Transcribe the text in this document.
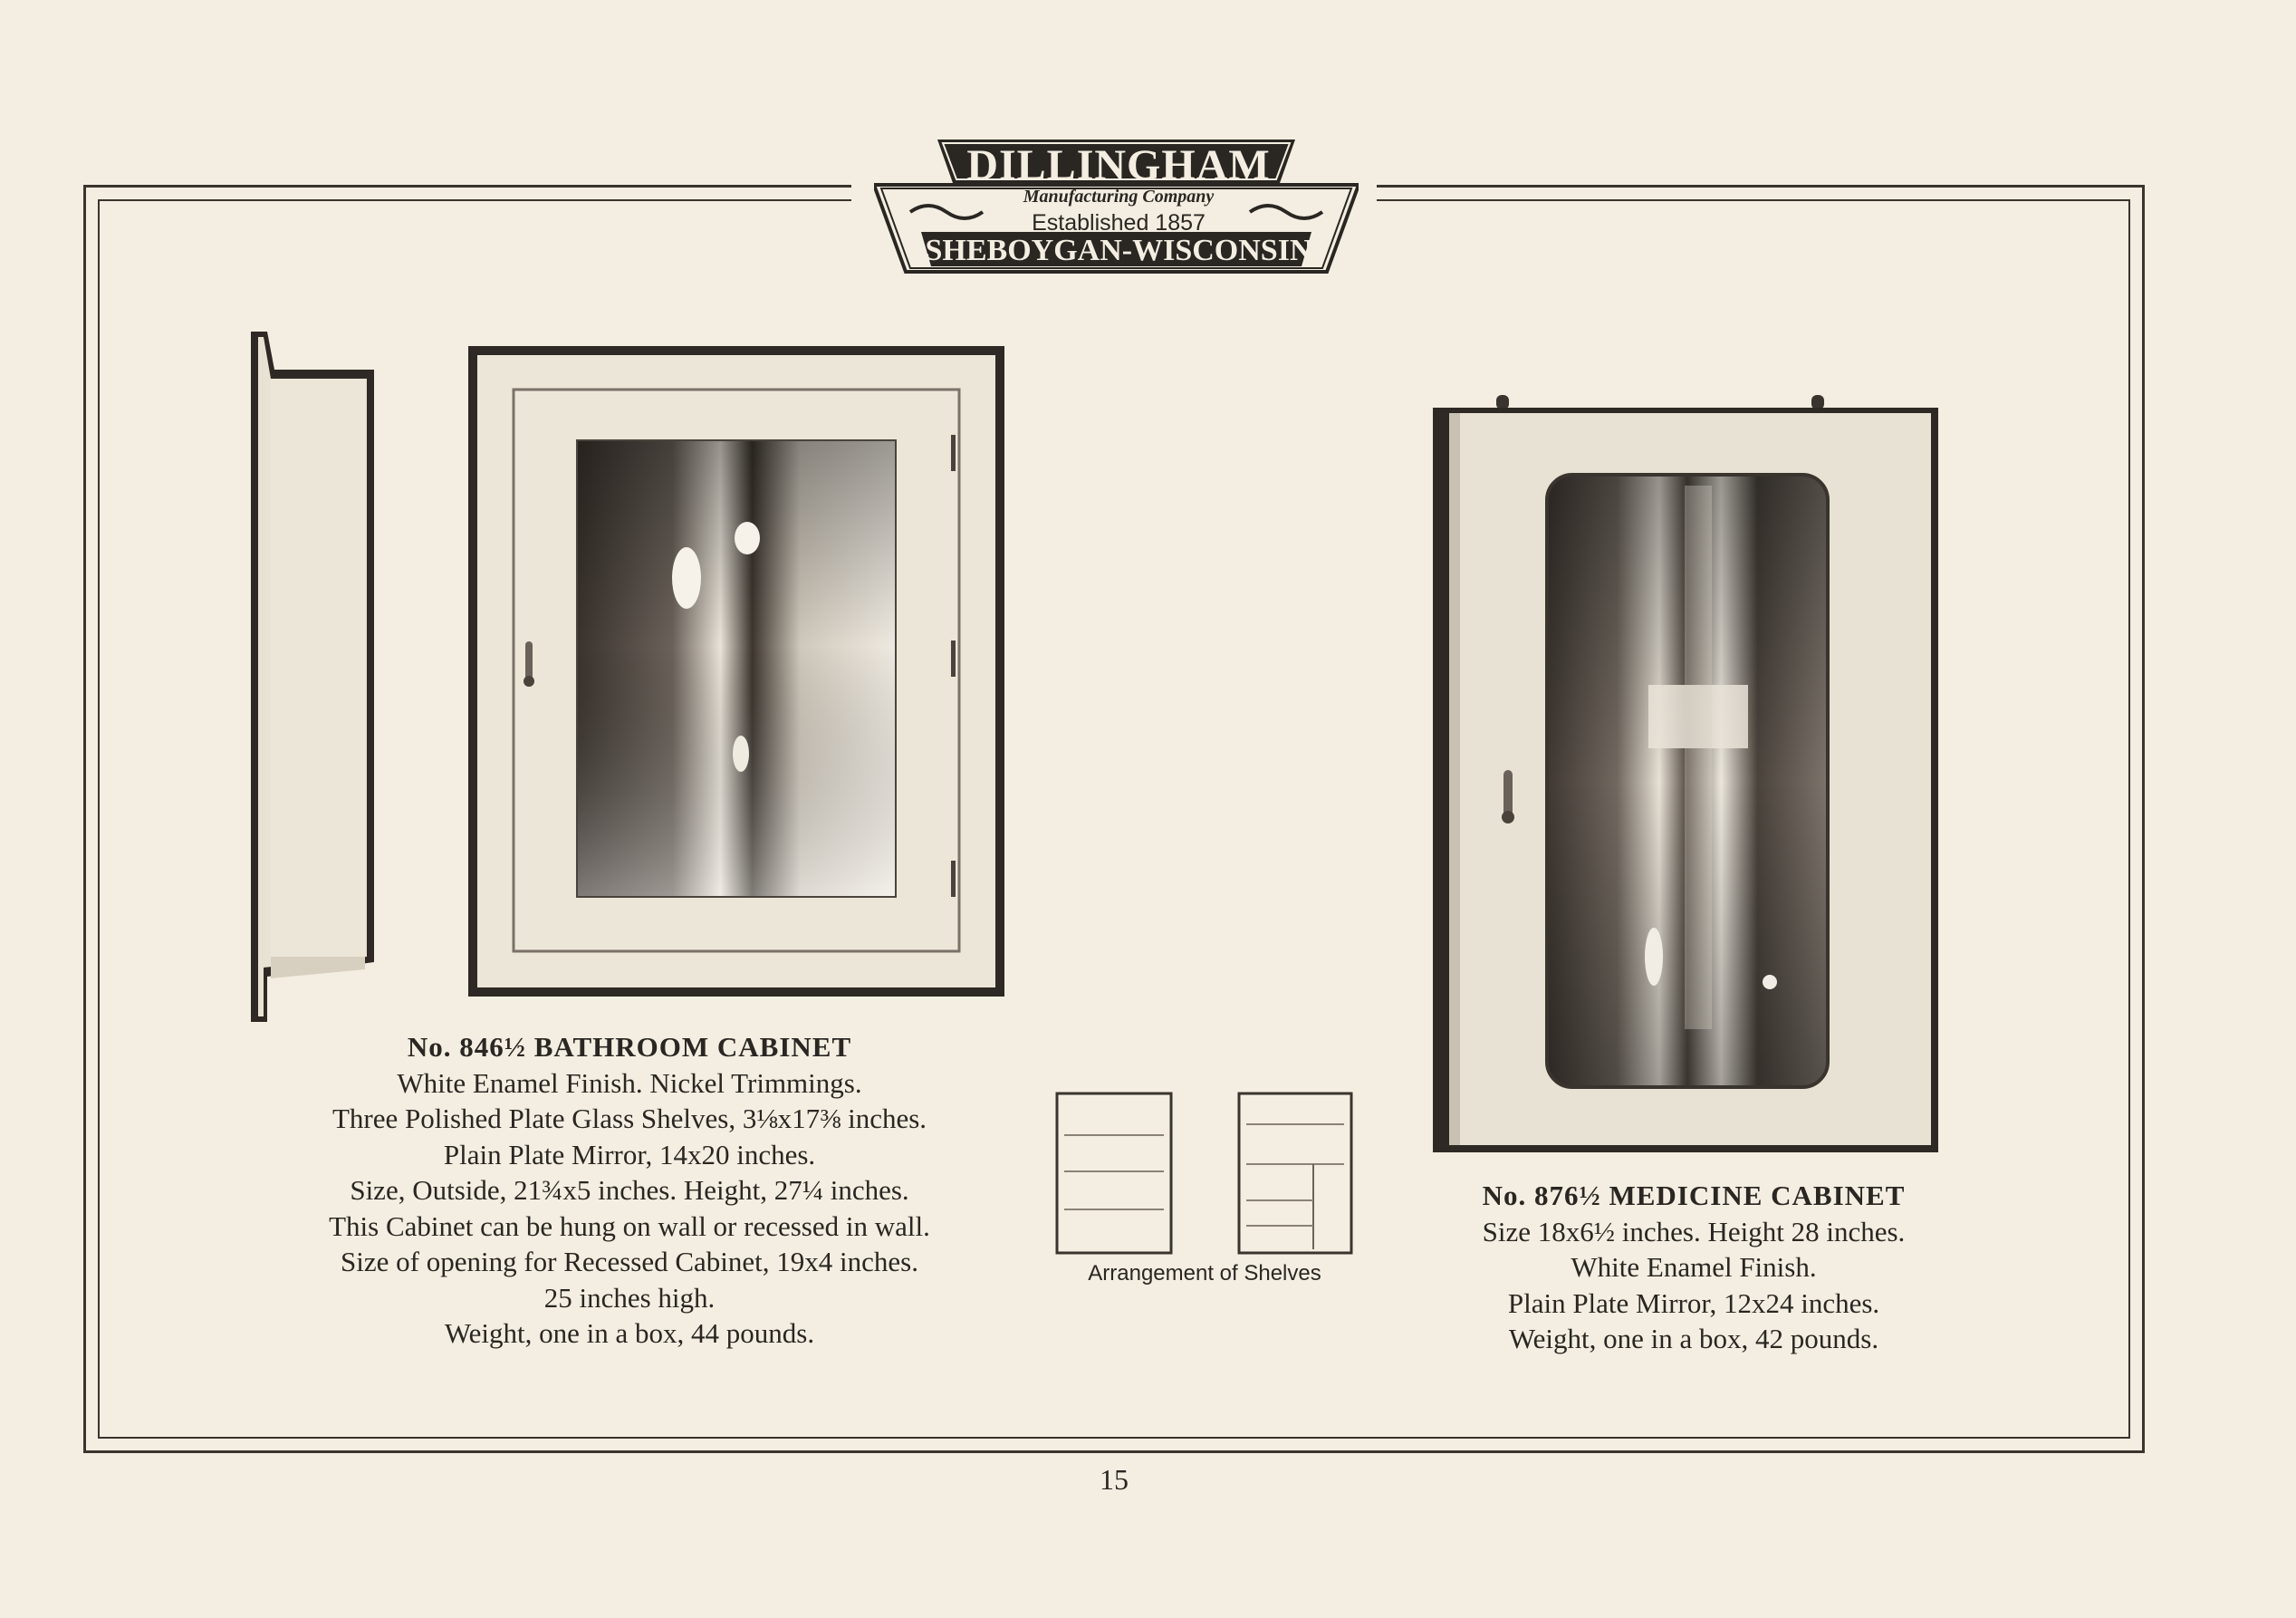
DILLINGHAM
Manufacturing Company
Established 1857
SHEBOYGAN-WISCONSIN
Arrangement of Shelves
No. 846½ BATHROOM CABINET
White Enamel Finish. Nickel Trimmings.
Three Polished Plate Glass Shelves, 3⅛x17⅜ inches.
Plain Plate Mirror, 14x20 inches.
Size, Outside, 21¾x5 inches. Height, 27¼ inches.
This Cabinet can be hung on wall or recessed in wall.
Size of opening for Recessed Cabinet, 19x4 inches.
25 inches high.
Weight, one in a box, 44 pounds.
No. 876½ MEDICINE CABINET
Size 18x6½ inches. Height 28 inches.
White Enamel Finish.
Plain Plate Mirror, 12x24 inches.
Weight, one in a box, 42 pounds.
15
